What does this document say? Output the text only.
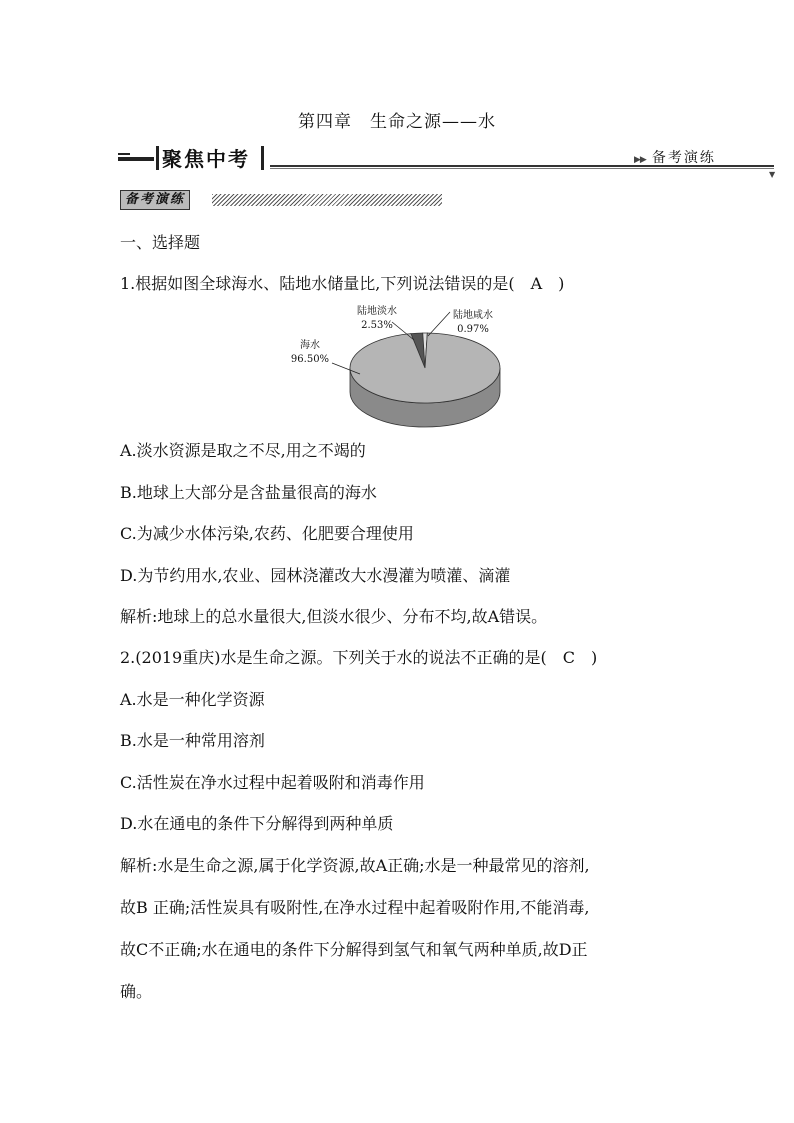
第四章　生命之源——水
聚焦中考	▶▶ 备考演练
▼
备考演练
一、选择题
1.根据如图全球海水、陆地水储量比,下列说法错误的是(　A　)
海水
96.50%
陆地淡水
2.53%
陆地咸水
0.97%
A.淡水资源是取之不尽,用之不竭的
B.地球上大部分是含盐量很高的海水
C.为减少水体污染,农药、化肥要合理使用
D.为节约用水,农业、园林浇灌改大水漫灌为喷灌、滴灌
解析:地球上的总水量很大,但淡水很少、分布不均,故A错误。
2.(2019重庆)水是生命之源。下列关于水的说法不正确的是(　C　)
A.水是一种化学资源
B.水是一种常用溶剂
C.活性炭在净水过程中起着吸附和消毒作用
D.水在通电的条件下分解得到两种单质
解析:水是生命之源,属于化学资源,故A正确;水是一种最常见的溶剂,
故B 正确;活性炭具有吸附性,在净水过程中起着吸附作用,不能消毒,
故C不正确;水在通电的条件下分解得到氢气和氧气两种单质,故D正
确。
